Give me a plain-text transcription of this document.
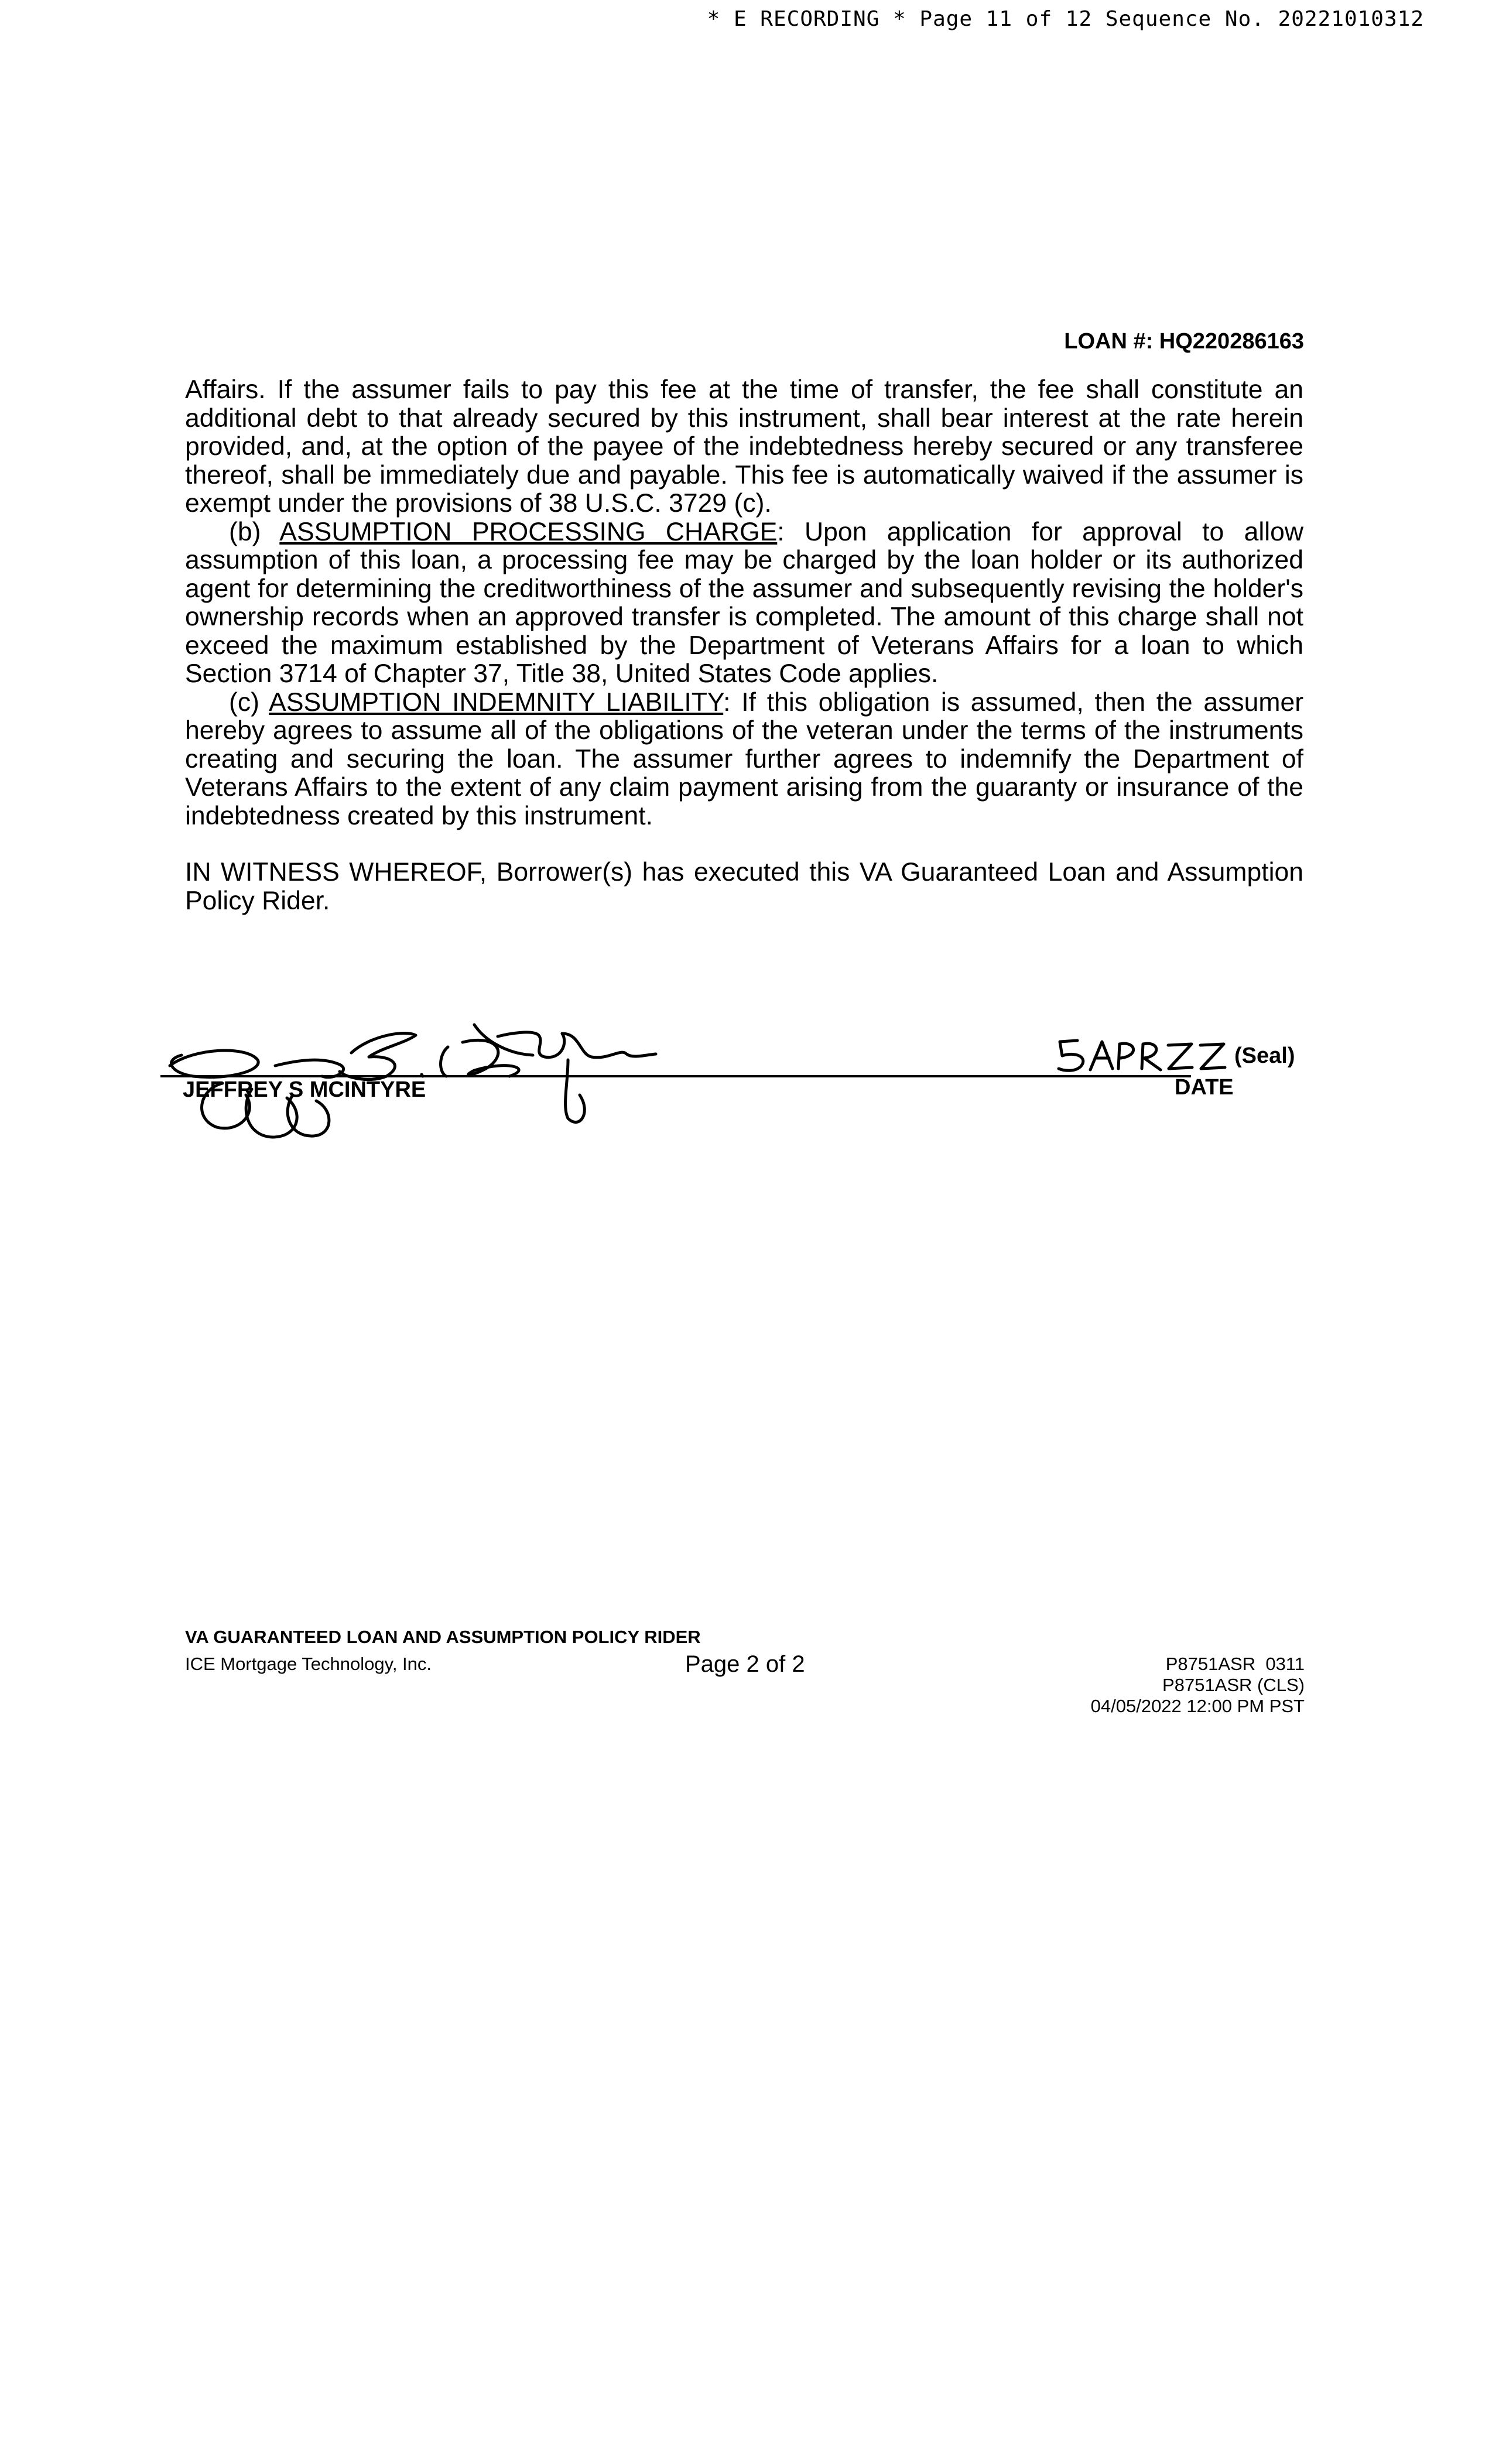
* E RECORDING * Page 11 of 12 Sequence No. 20221010312
LOAN #: HQ220286163

Affairs. If the assumer fails to pay this fee at the time of transfer, the fee shall constitute an additional debt to that already secured by this instrument, shall bear interest at the rate herein provided, and, at the option of the payee of the indebtedness hereby secured or any transferee thereof, shall be immediately due and payable. This fee is automatically waived if the assumer is exempt under the provisions of 38 U.S.C. 3729 (c).

(b) ASSUMPTION PROCESSING CHARGE: Upon application for approval to allow assumption of this loan, a processing fee may be charged by the loan holder or its authorized agent for determining the creditworthiness of the assumer and subsequently revising the holder's ownership records when an approved transfer is completed. The amount of this charge shall not exceed the maximum established by the Department of Veterans Affairs for a loan to which Section 3714 of Chapter 37, Title 38, United States Code applies.

(c) ASSUMPTION INDEMNITY LIABILITY: If this obligation is assumed, then the assumer hereby agrees to assume all of the obligations of the veteran under the terms of the instruments creating and securing the loan. The assumer further agrees to indemnify the Department of Veterans Affairs to the extent of any claim payment arising from the guaranty or insurance of the indebtedness created by this instrument.

IN WITNESS WHEREOF, Borrower(s) has executed this VA Guaranteed Loan and Assumption Policy Rider.

(Seal)
JEFFREY S MCINTYRE	DATE
VA GUARANTEED LOAN AND ASSUMPTION POLICY RIDER
ICE Mortgage Technology, Inc.	Page 2 of 2	P8751ASR  0311
P8751ASR (CLS)
04/05/2022 12:00 PM PST
